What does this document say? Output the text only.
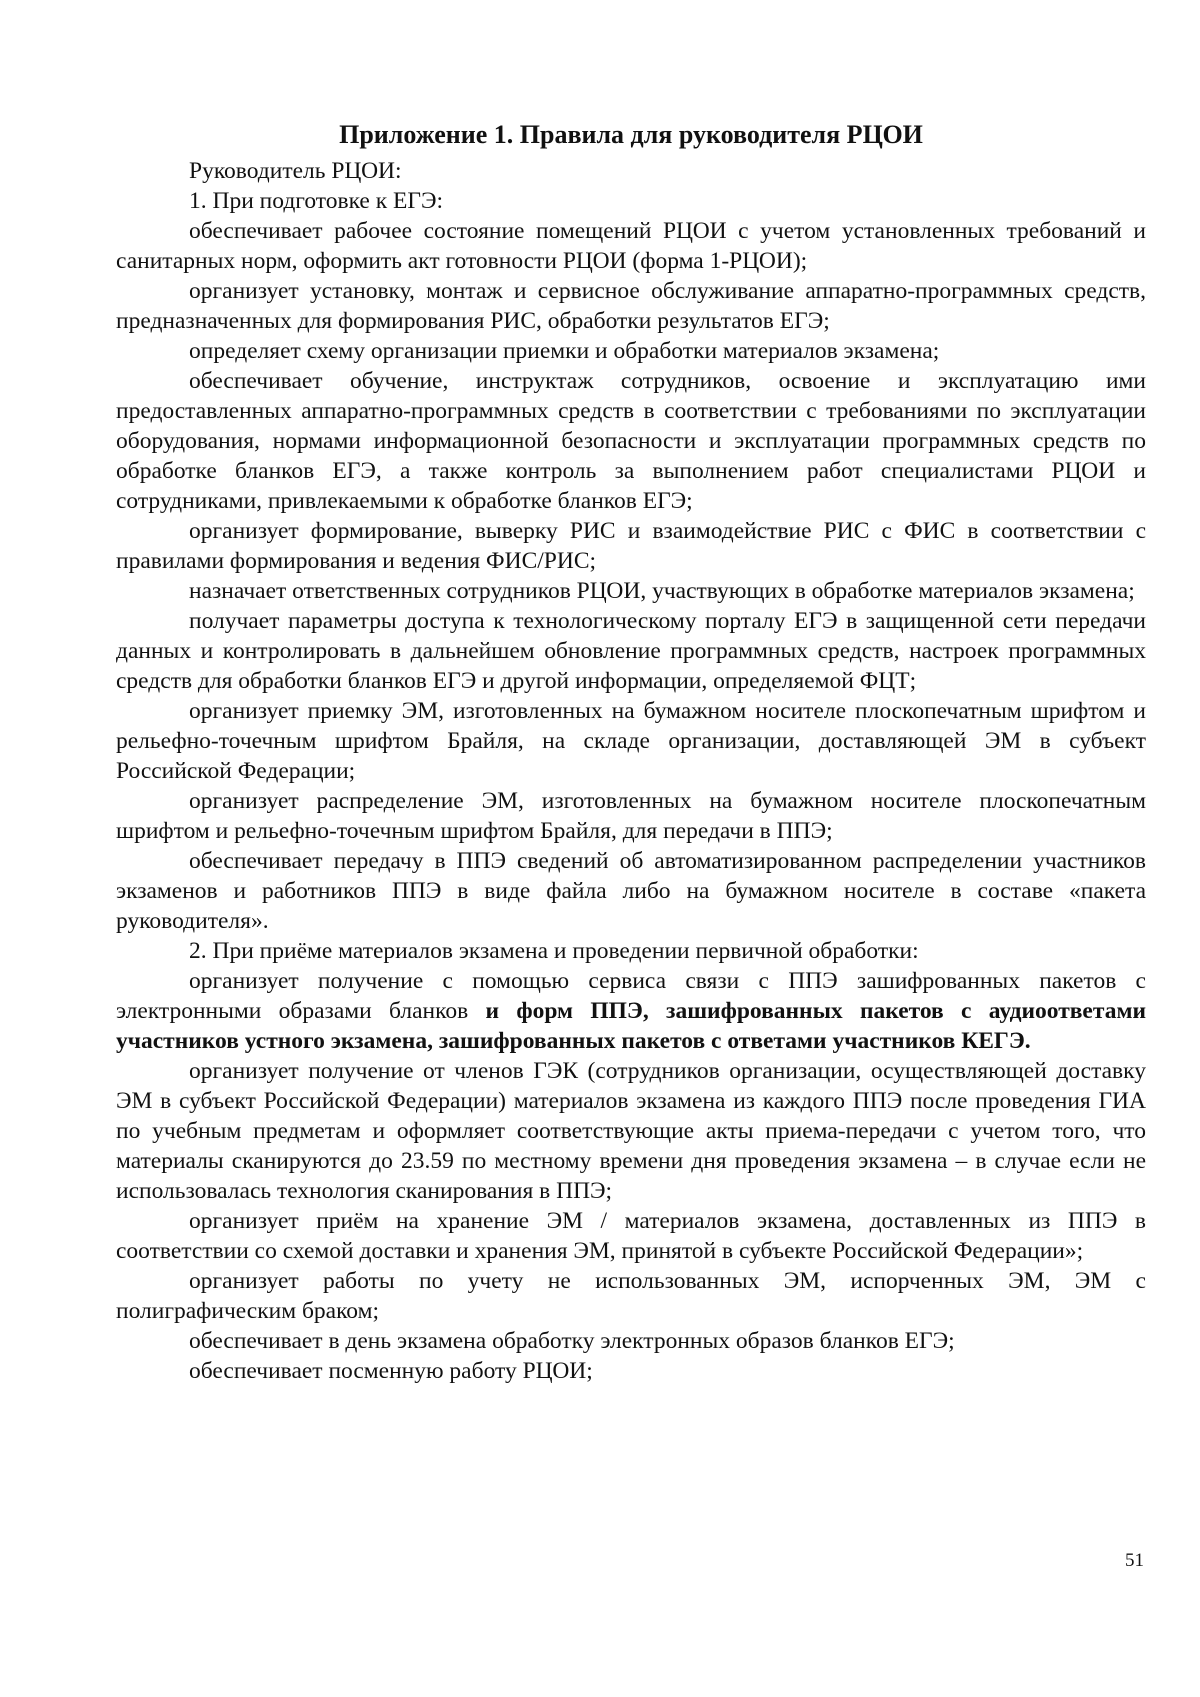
Приложение 1. Правила для руководителя РЦОИ

Руководитель РЦОИ:

1. При подготовке к ЕГЭ:

обеспечивает рабочее состояние помещений РЦОИ с учетом установленных требований и санитарных норм, оформить акт готовности РЦОИ (форма 1-РЦОИ);

организует установку, монтаж и сервисное обслуживание аппаратно-программных средств, предназначенных для формирования РИС, обработки результатов ЕГЭ;

определяет схему организации приемки и обработки материалов экзамена;

обеспечивает обучение, инструктаж сотрудников, освоение и эксплуатацию ими предоставленных аппаратно-программных средств в соответствии с требованиями по эксплуатации оборудования, нормами информационной безопасности и эксплуатации программных средств по обработке бланков ЕГЭ, а также контроль за выполнением работ специалистами РЦОИ и сотрудниками, привлекаемыми к обработке бланков ЕГЭ;

организует формирование, выверку РИС и взаимодействие РИС с ФИС в соответствии с правилами формирования и ведения ФИС/РИС;

назначает ответственных сотрудников РЦОИ, участвующих в обработке материалов экзамена;

получает параметры доступа к технологическому порталу ЕГЭ в защищенной сети передачи данных и контролировать в дальнейшем обновление программных средств, настроек программных средств для обработки бланков ЕГЭ и другой информации, определяемой ФЦТ;

организует приемку ЭМ, изготовленных на бумажном носителе плоскопечатным шрифтом и рельефно-точечным шрифтом Брайля, на складе организации, доставляющей ЭМ в субъект Российской Федерации;

организует распределение ЭМ, изготовленных на бумажном носителе плоскопечатным шрифтом и рельефно-точечным шрифтом Брайля, для передачи в ППЭ;

обеспечивает передачу в ППЭ сведений об автоматизированном распределении участников экзаменов и работников ППЭ в виде файла либо на бумажном носителе в составе «пакета руководителя».

2. При приёме материалов экзамена и проведении первичной обработки:

организует получение с помощью сервиса связи с ППЭ зашифрованных пакетов с электронными образами бланков и форм ППЭ, зашифрованных пакетов с аудиоответами участников устного экзамена, зашифрованных пакетов с ответами участников КЕГЭ.

организует получение от членов ГЭК (сотрудников организации, осуществляющей доставку ЭМ в субъект Российской Федерации) материалов экзамена из каждого ППЭ после проведения ГИА по учебным предметам и оформляет соответствующие акты приема-передачи с учетом того, что материалы сканируются до 23.59 по местному времени дня проведения экзамена – в случае если не использовалась технология сканирования в ППЭ;

организует приём на хранение ЭМ / материалов экзамена, доставленных из ППЭ в соответствии со схемой доставки и хранения ЭМ, принятой в субъекте Российской Федерации»;

организует работы по учету не использованных ЭМ, испорченных ЭМ, ЭМ с полиграфическим браком;

обеспечивает в день экзамена обработку электронных образов бланков ЕГЭ;

обеспечивает посменную работу РЦОИ;

51
